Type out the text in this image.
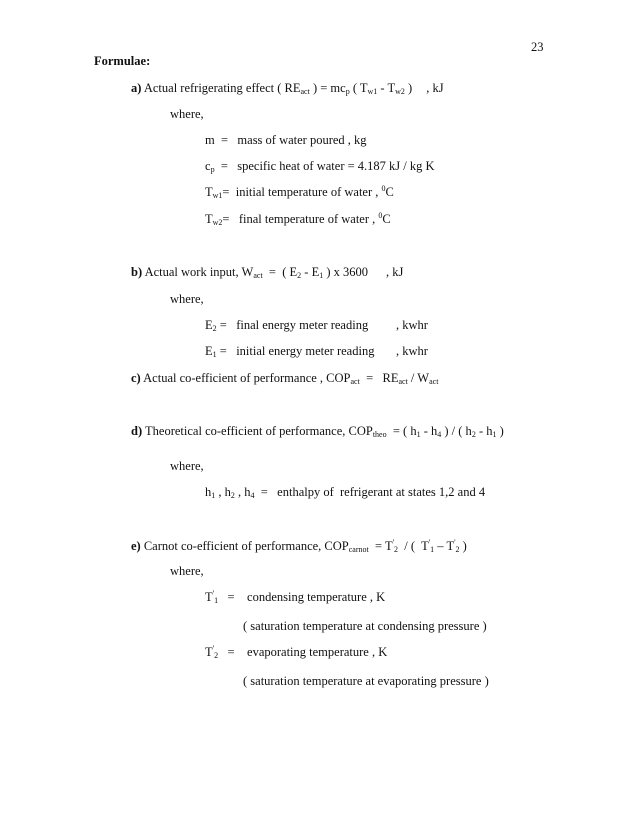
23
Formulae:
a) Actual refrigerating effect ( $RE_{act}$ ) = $mc_p$ ( $T_{w1} - T_{w2}$ ) , kJ
where,
m  =   mass of water poured , kg
$c_p$  =   specific heat of water = 4.187 kJ / kg K
$T_{w1}=$  initial temperature of water , $^0$C
$T_{w2}=$   final temperature of water , $^0$C
b) Actual work input, $W_{act}$  =  ( $E_2 - E_1$ ) x 3600 , kJ
where,
$E_2$ =   final energy meter reading , kwhr
$E_1$ =   initial energy meter reading , kwhr
c) Actual co-efficient of performance , $COP_{act} = RE_{act} / W_{act}$
d) Theoretical co-efficient of performance, $COP_{theo}$  = ( $h_1 - h_4$ ) / ( $h_2 - h_1$ )
where,
$h_1$ , $h_2$ , $h_4$  =   enthalpy of  refrigerant at states 1,2 and 4
e) Carnot co-efficient of performance, $COP_{carnot} = T'_2$  / (  $T'_1 - T'_2$ )
where,
$T'_1$   =    condensing temperature , K
( saturation temperature at condensing pressure )
$T'_2$   =    evaporating temperature , K
( saturation temperature at evaporating pressure )
